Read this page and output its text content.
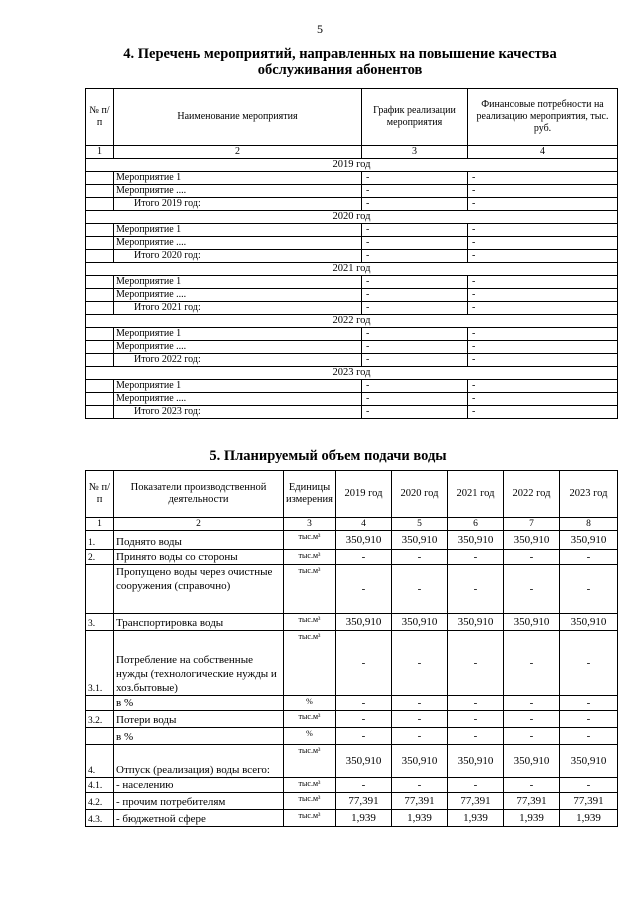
5
4. Перечень мероприятий, направленных на повышение качества
обслуживания абонентов
№ п/п	Наименование мероприятия	График реализации мероприятия	Финансовые потребности на реализацию мероприятия, тыс. руб.
1	2	3	4
2019 год			
	Мероприятие 1	-	-
	Мероприятие ....	-	-
	Итого 2019 год:	-	-
2020 год			
	Мероприятие 1	-	-
	Мероприятие ....	-	-
	Итого 2020 год:	-	-
2021 год			
	Мероприятие 1	-	-
	Мероприятие ....	-	-
	Итого 2021 год:	-	-
2022 год			
	Мероприятие 1	-	-
	Мероприятие ....	-	-
	Итого 2022 год:	-	-
2023 год			
	Мероприятие 1	-	-
	Мероприятие ....	-	-
	Итого 2023 год:	-	-
5. Планируемый объем подачи воды
№ п/п	Показатели производственной деятельности	Единицы измерения	2019 год	2020 год	2021 год	2022 год	2023 год
1	2	3	4	5	6	7	8
1.	Поднято воды	тыс.м³	350,910	350,910	350,910	350,910	350,910
2.	Принято воды со стороны	тыс.м³	-	-	-	-	-
	Пропущено воды через очистные сооружения (справочно)	тыс.м³	-	-	-	-	-
3.	Транспортировка воды	тыс.м³	350,910	350,910	350,910	350,910	350,910
3.1.	Потребление на собственные нужды (технологические нужды и хоз.бытовые)	тыс.м³	-	-	-	-	-
	в %	%	-	-	-	-	-
3.2.	Потери воды	тыс.м³	-	-	-	-	-
	в %	%	-	-	-	-	-
4.	Отпуск (реализация) воды всего:	тыс.м³	350,910	350,910	350,910	350,910	350,910
4.1.	- населению	тыс.м³	-	-	-	-	-
4.2.	- прочим потребителям	тыс.м³	77,391	77,391	77,391	77,391	77,391
4.3.	- бюджетной сфере	тыс.м³	1,939	1,939	1,939	1,939	1,939
